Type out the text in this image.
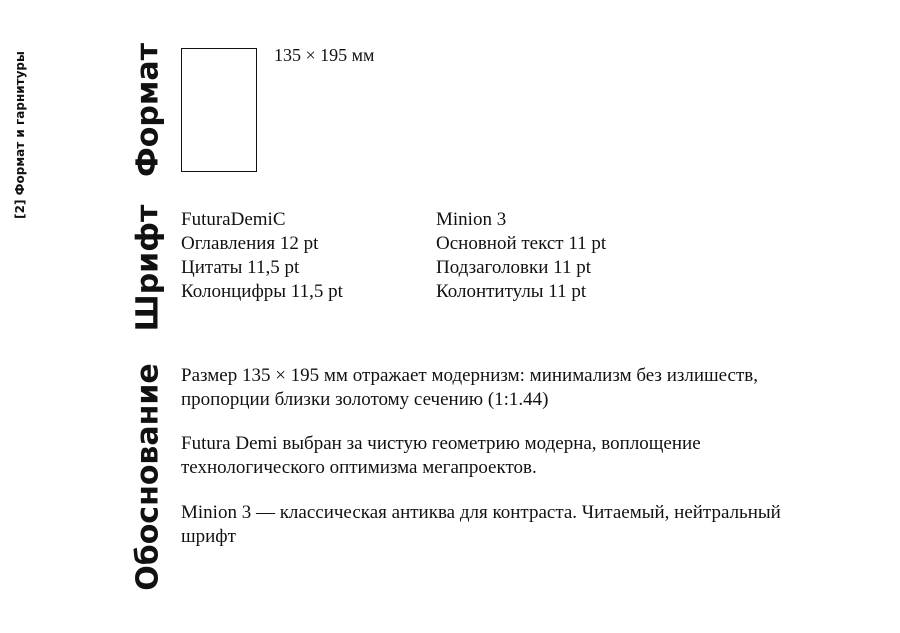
[2] Формат и гарнитуры	Формат	135 × 195 мм
Шрифт FuturaDemiC
Оглавления 12 pt
Цитаты 11,5 pt
Колонцифры 11,5 pt
Minion 3
Основной текст 11 pt
Подзаголовки 11 pt
Колонтитулы 11 pt
Обоснование Размер 135 × 195 мм отражает модернизм: минимализм без излишеств, пропорции близки золотому сечению (1:1.44)

Futura Demi выбран за чистую геометрию модерна, воплощение технологического оптимизма мегапроектов.

Minion 3 — классическая антиква для контраста. Читаемый, нейтральный шрифт
